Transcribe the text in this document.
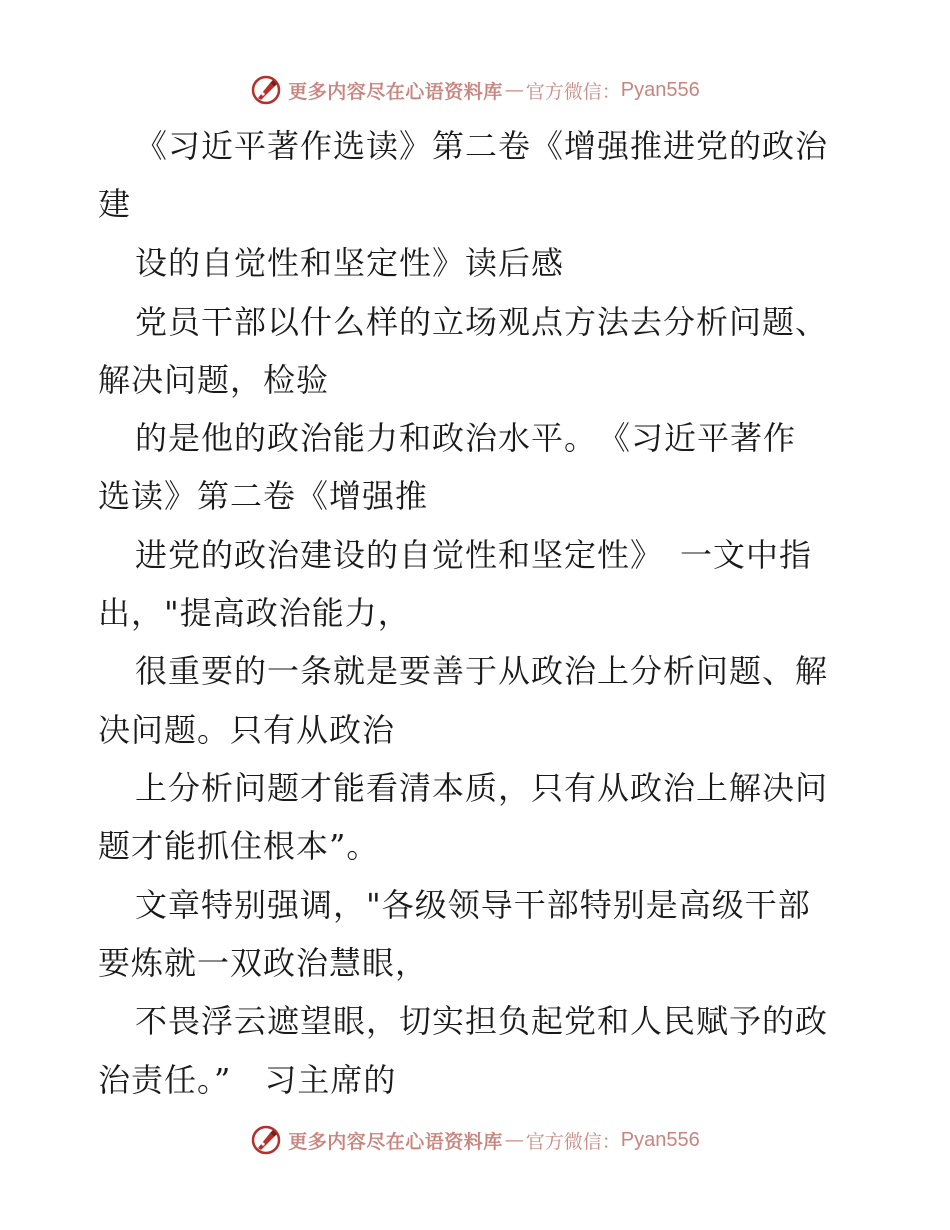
更多内容尽在心语资料库 — 官方微信： Pyan556
《习近平著作选读》第二卷《增强推进党的政治
建
设的自觉性和坚定性》读后感
党员干部以什么样的立场观点方法去分析问题、
解决问题，检验
的是他的政治能力和政治水平。　《习近平著作
选读》第二卷《增强推
进党的政治建设的自觉性和坚定性》　一文中指
出，"提高政治能力，
很重要的一条就是要善于从政治上分析问题、解
决问题。只有从政治
上分析问题才能看清本质，只有从政治上解决问
题才能抓住根本”。
文章特别强调，"各级领导干部特别是高级干部
要炼就一双政治慧眼，
不畏浮云遮望眼，切实担负起党和人民赋予的政
治责任。”　习主席的
更多内容尽在心语资料库 — 官方微信： Pyan556
